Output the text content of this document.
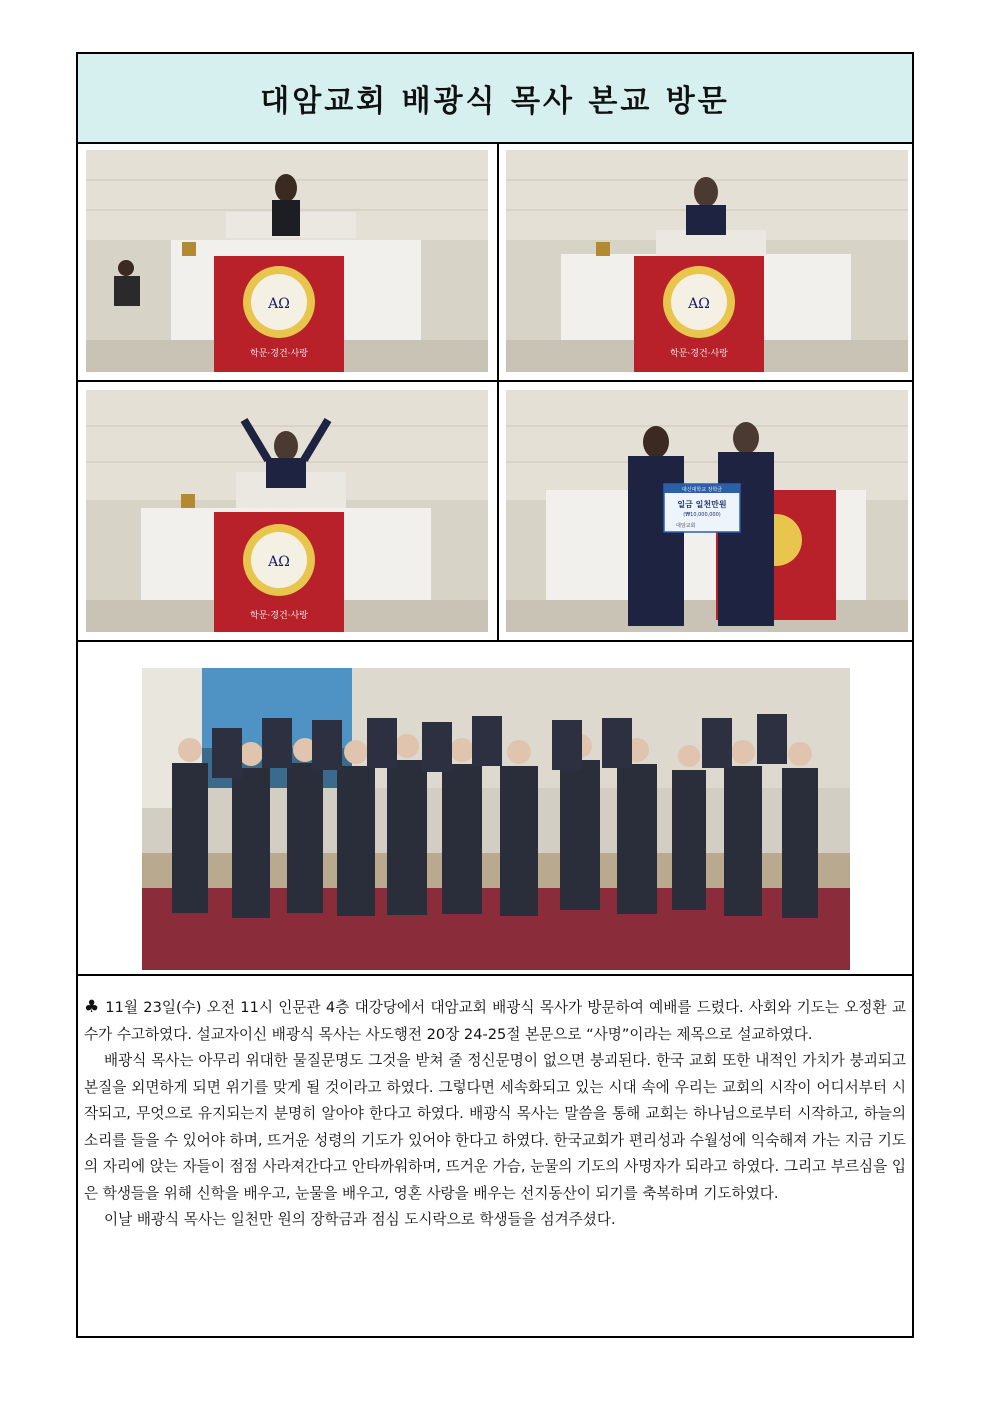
대암교회 배광식 목사 본교 방문
AΩ
학문·경건·사랑
AΩ
학문·경건·사랑
AΩ
학문·경건·사랑
대신대학교 장학금
일금 일천만원
(₩10,000,000)
대암교회

♣ 11월 23일(수) 오전 11시 인문관 4층 대강당에서 대암교회 배광식 목사가 방문하여 예배를 드렸다. 사회와 기도는 오정환 교수가 수고하였다. 설교자이신 배광식 목사는 사도행전 20장 24-25절 본문으로 “사명”이라는 제목으로 설교하였다.

배광식 목사는 아무리 위대한 물질문명도 그것을 받쳐 줄 정신문명이 없으면 붕괴된다. 한국 교회 또한 내적인 가치가 붕괴되고 본질을 외면하게 되면 위기를 맞게 될 것이라고 하였다. 그렇다면 세속화되고 있는 시대 속에 우리는 교회의 시작이 어디서부터 시작되고, 무엇으로 유지되는지 분명히 알아야 한다고 하였다. 배광식 목사는 말씀을 통해 교회는 하나님으로부터 시작하고, 하늘의 소리를 들을 수 있어야 하며, 뜨거운 성령의 기도가 있어야 한다고 하였다. 한국교회가 편리성과 수월성에 익숙해져 가는 지금 기도의 자리에 앉는 자들이 점점 사라져간다고 안타까워하며, 뜨거운 가슴, 눈물의 기도의 사명자가 되라고 하였다. 그리고 부르심을 입은 학생들을 위해 신학을 배우고, 눈물을 배우고, 영혼 사랑을 배우는 선지동산이 되기를 축복하며 기도하였다.

이날 배광식 목사는 일천만 원의 장학금과 점심 도시락으로 학생들을 섬겨주셨다.
